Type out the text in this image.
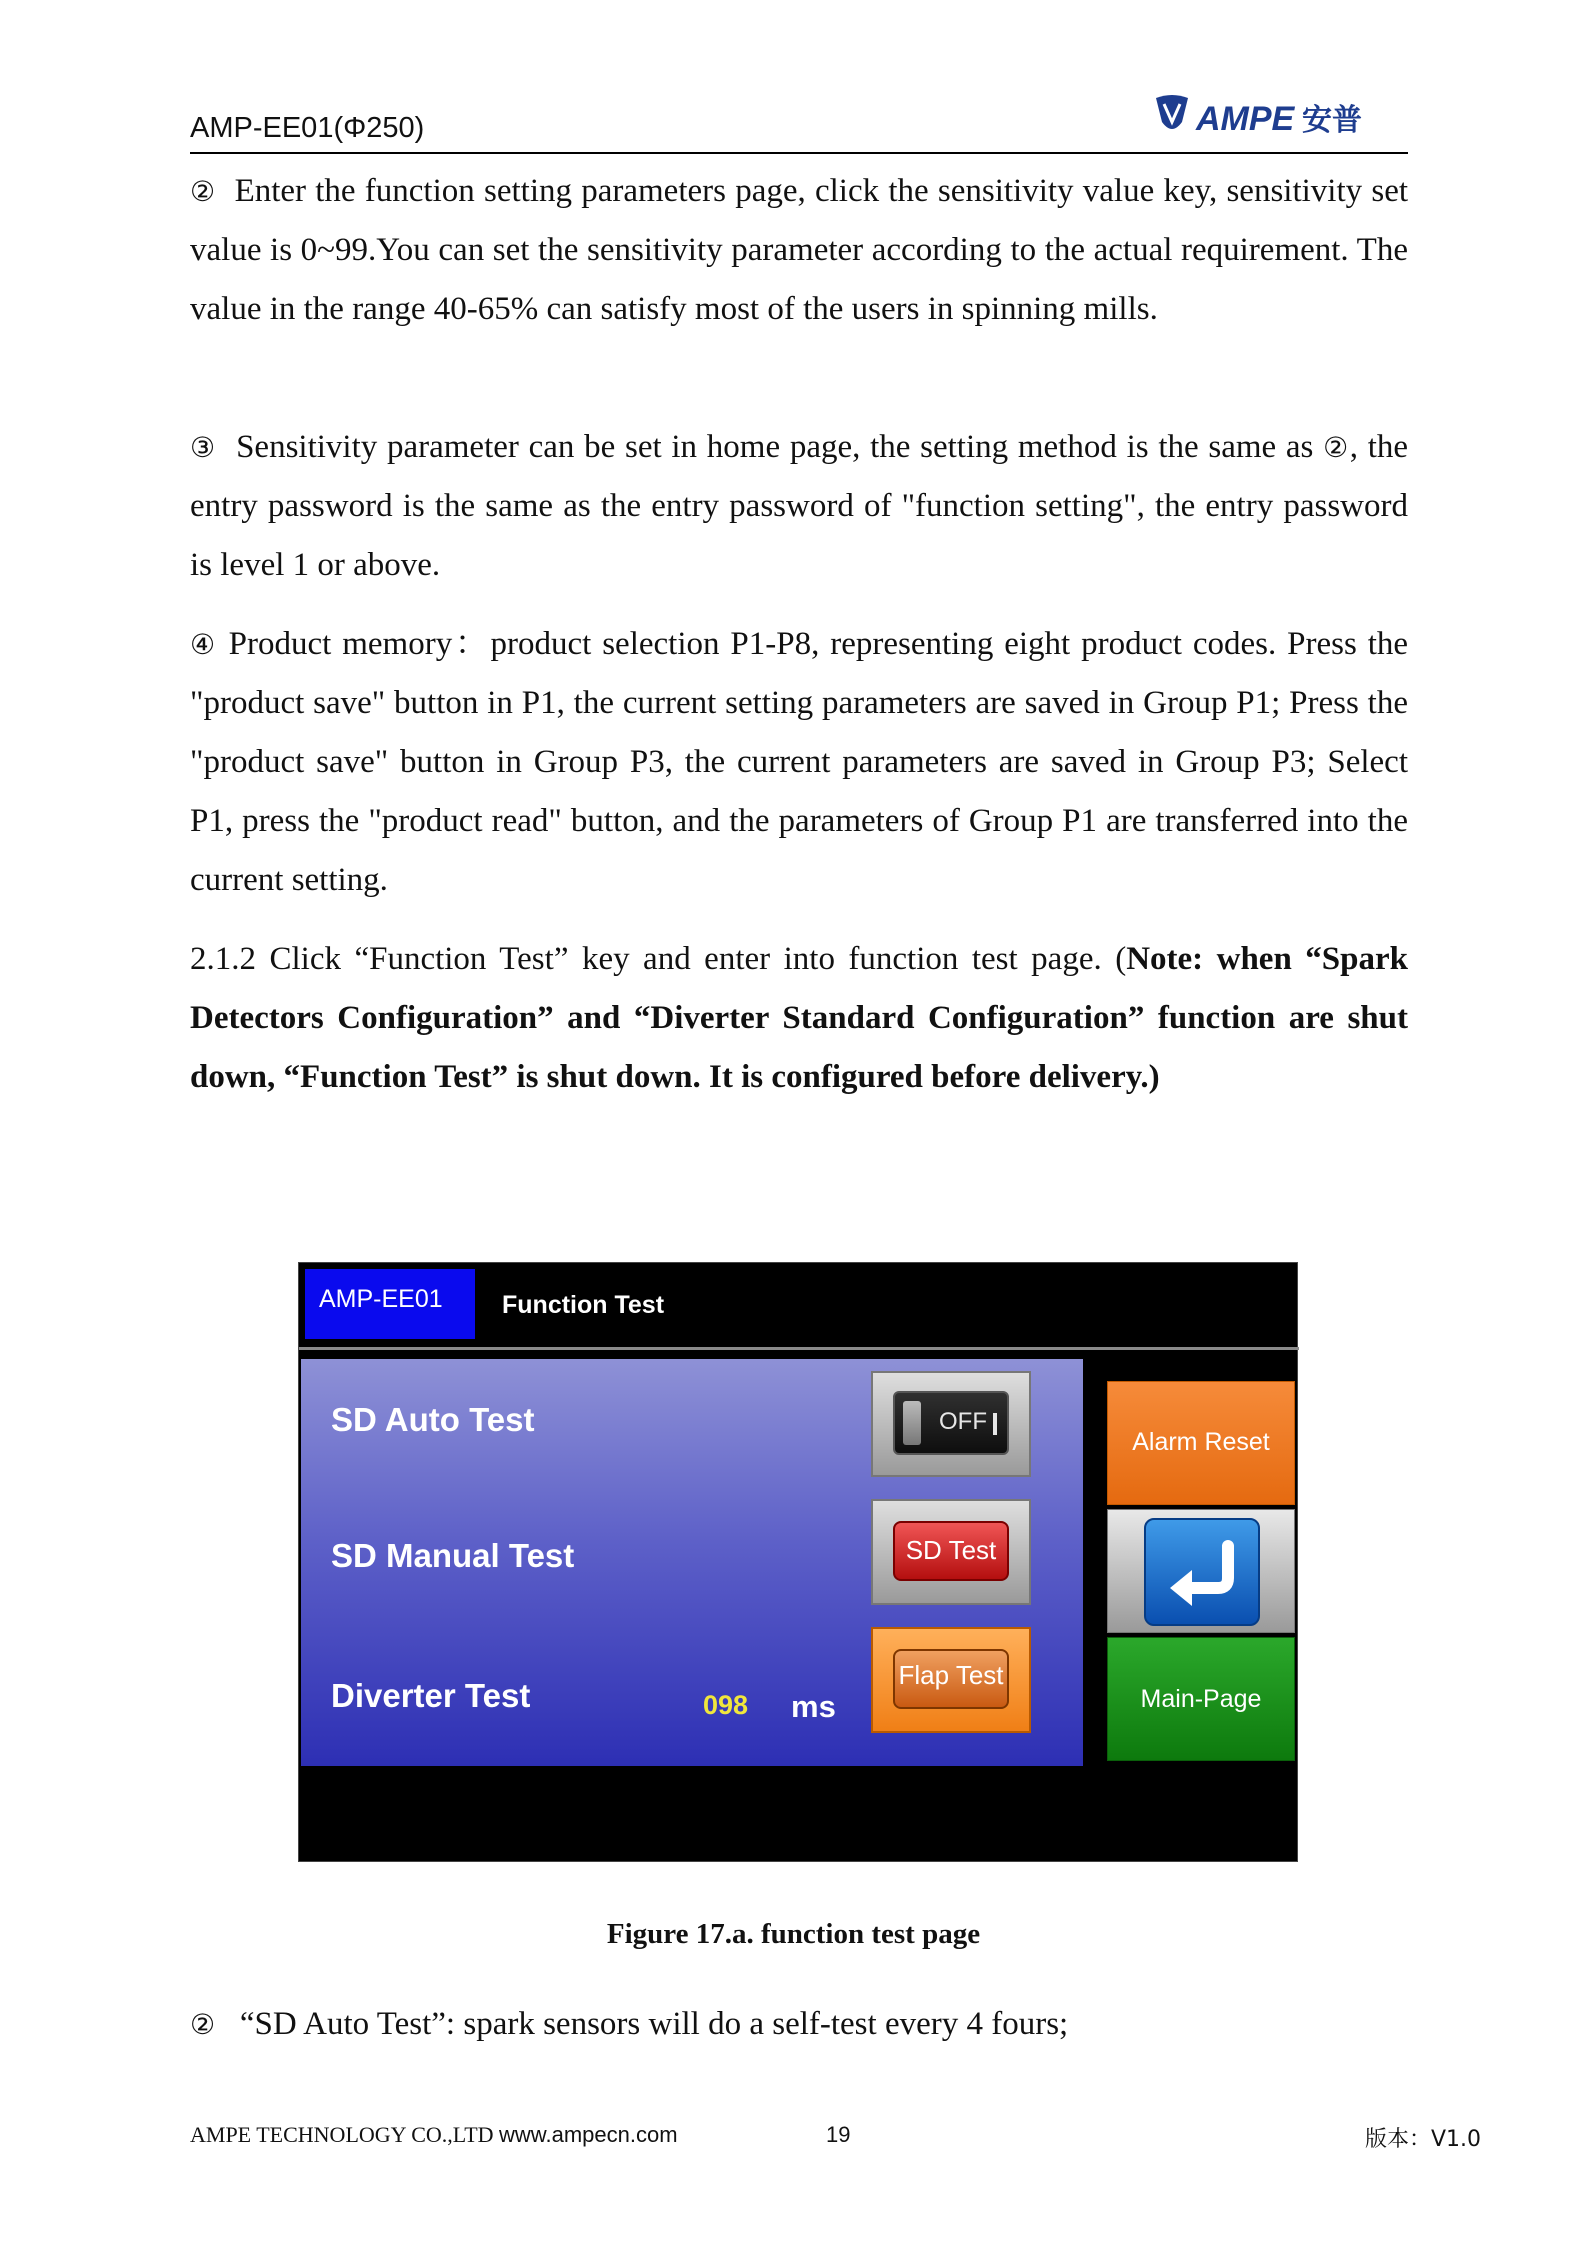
AMP-EE01(Φ250)	AMPE 安普
② Enter the function setting parameters page, click the sensitivity value key, sensitivity set value is 0~99.You can set the sensitivity parameter according to the actual requirement. The value in the range 40-65% can satisfy most of the users in spinning mills.
③ Sensitivity parameter can be set in home page, the setting method is the same as ②, the entry password is the same as the entry password of "function setting", the entry password is level 1 or above.
④ Product memory：product selection P1-P8, representing eight product codes. Press the "product save" button in P1, the current setting parameters are saved in Group P1; Press the "product save" button in Group P3, the current parameters are saved in Group P3; Select P1, press the "product read" button, and the parameters of Group P1 are transferred into the current setting.
2.1.2 Click “Function Test” key and enter into function test page. (Note: when “Spark Detectors Configuration” and “Diverter Standard Configuration” function are shut down, “Function Test” is shut down. It is configured before delivery.)
AMP-EE01	Function Test
SD Auto Test
SD Manual Test
Diverter Test	098 ms
OFF
SD Test
Flap Test
Alarm Reset
Main-Page
Figure 17.a. function test page
② “SD Auto Test”: spark sensors will do a self-test every 4 fours;
AMPE TECHNOLOGY CO.,LTD www.ampecn.com	19	版本：V1.0
